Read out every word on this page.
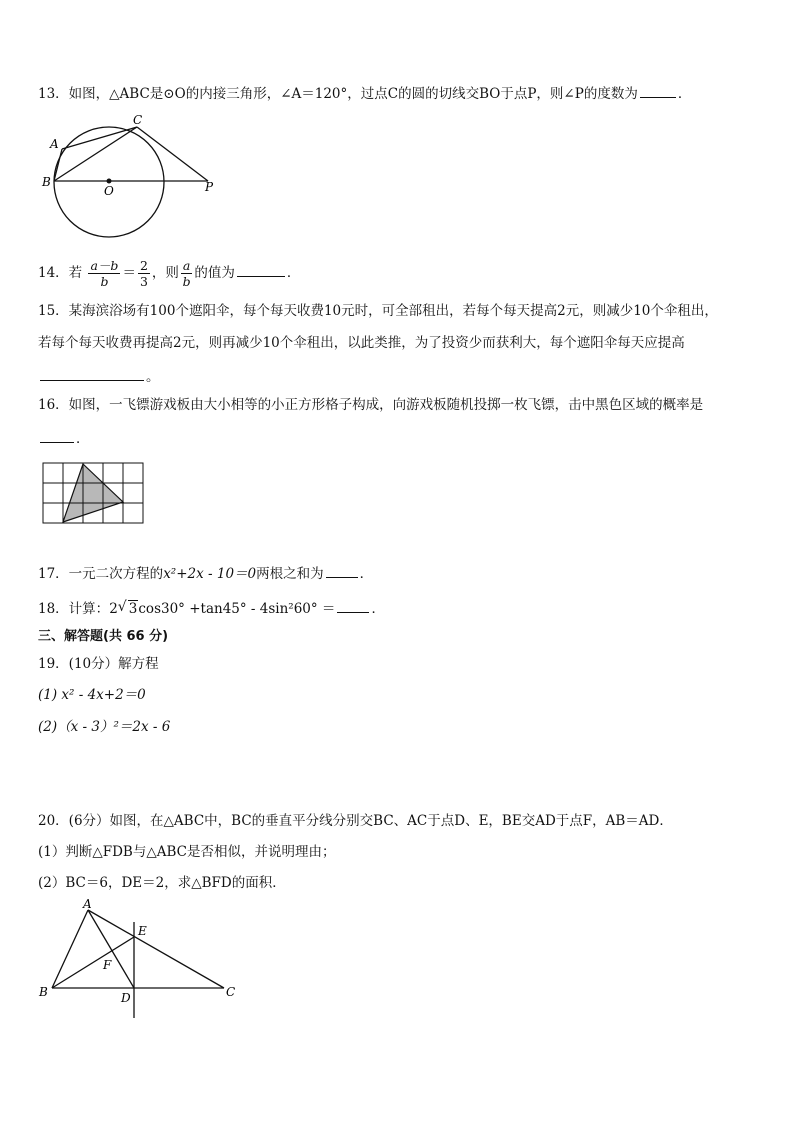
13．如图，△ABC是⊙O的内接三角形，∠A＝120°，过点C的圆的切线交BO于点P，则∠P的度数为	．
A
C
B
O	P
14．若 $\frac{a-b}{b} = \frac{2}{3}$ ，则 $\frac{a}{b}$ 的值为	．
15．某海滨浴场有100个遮阳伞，每个每天收费10元时，可全部租出，若每个每天提高2元，则减少10个伞租出，
若每个每天收费再提高2元，则再减少10个伞租出，以此类推，为了投资少而获利大，每个遮阳伞每天应提高
。
16．如图，一飞镖游戏板由大小相等的小正方形格子构成，向游戏板随机投掷一枚飞镖，击中黑色区域的概率是
．
17．一元二次方程的x²+2x - 10＝0两根之和为	．
18．计算：2√ 3cos30° +tan45° - 4sin²60° ＝	．
三、解答题(共 66 分)
19．(10分）解方程
(1) x² - 4x+2＝0
(2)（x - 3）²＝2x - 6
20．(6分）如图，在△ABC中，BC的垂直平分线分别交BC、AC于点D、E，BE交AD于点F，AB＝AD．
(1）判断△FDB与△ABC是否相似，并说明理由；
(2）BC＝6，DE＝2，求△BFD的面积．
A
E
F
B	D	C
